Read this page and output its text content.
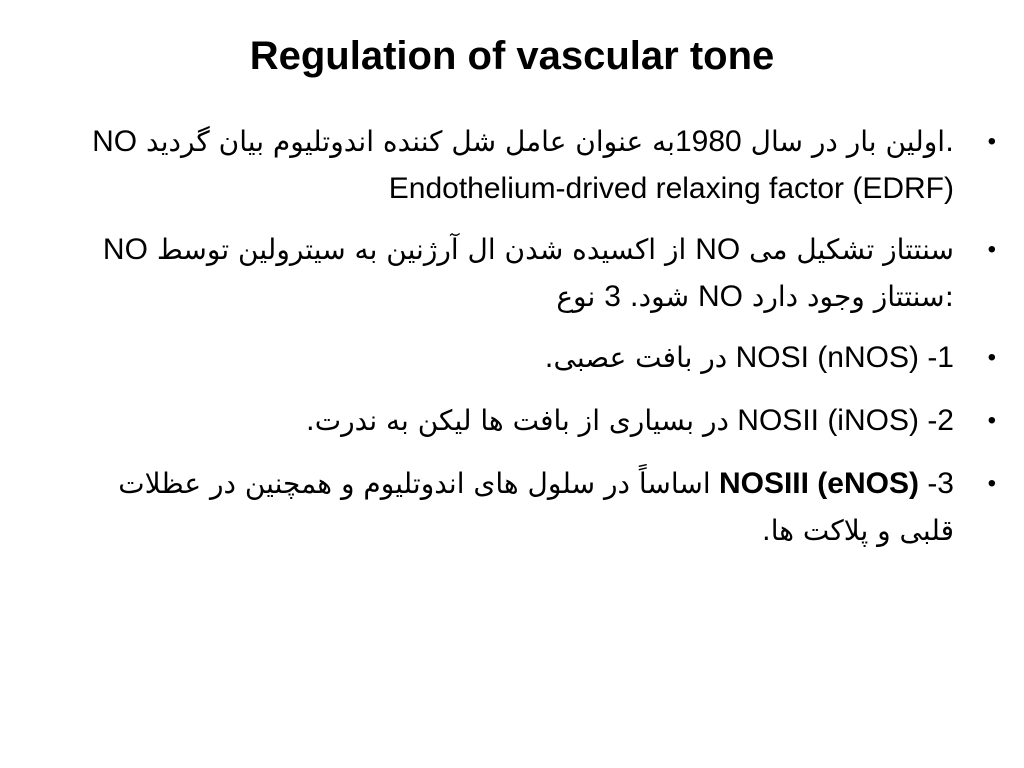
Regulation of vascular tone
•
NO اولین بار در سال 1980به عنوان عامل شل کننده اندوتلیوم بیان گردید. Endothelium-drived relaxing factor (EDRF)
•
NO از اکسیده شدن ال آرژنین به سیترولین توسط NO سنتتاز تشکیل می شود. 3 نوع NO سنتتاز وجود دارد:
•
-1 NOSI (nNOS) در بافت عصبی.
•
-2 NOSII (iNOS) در بسیاری از بافت ها لیکن به ندرت.
•
-3 NOSIII (eNOS) اساساً در سلول های اندوتلیوم و همچنین در عظلات قلبی و پلاکت ها.
